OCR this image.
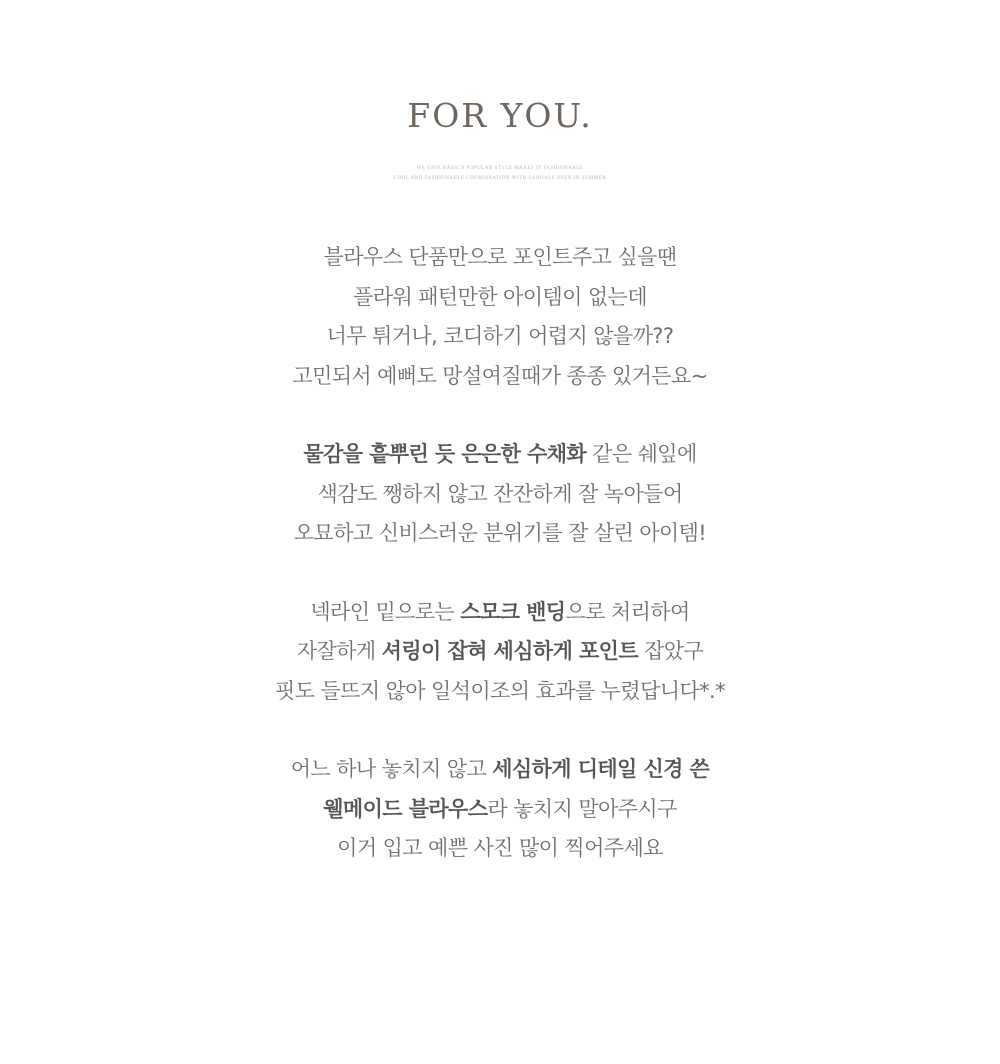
FOR YOU.
WE GIVE BASIC'S POPULAR STYLE MAKES IT FASHIONABLE
COOL AND FASHIONABLE COORDINATION WITH SANDALS OPEN IN SUMMER
블라우스 단품만으로 포인트주고 싶을땐
플라워 패턴만한 아이템이 없는데
너무 튀거나, 코디하기 어렵지 않을까??
고민되서 예뻐도 망설여질때가 종종 있거든요~
물감을 흩뿌린 듯 은은한 수채화 같은 쉐잎에
색감도 쨍하지 않고 잔잔하게 잘 녹아들어
오묘하고 신비스러운 분위기를 잘 살린 아이템!
넥라인 밑으로는 스모크 밴딩으로 처리하여
자잘하게 셔링이 잡혀 세심하게 포인트 잡았구
핏도 들뜨지 않아 일석이조의 효과를 누렸답니다*.*
어느 하나 놓치지 않고 세심하게 디테일 신경 쓴
웰메이드 블라우스라 놓치지 말아주시구
이거 입고 예쁜 사진 많이 찍어주세요
